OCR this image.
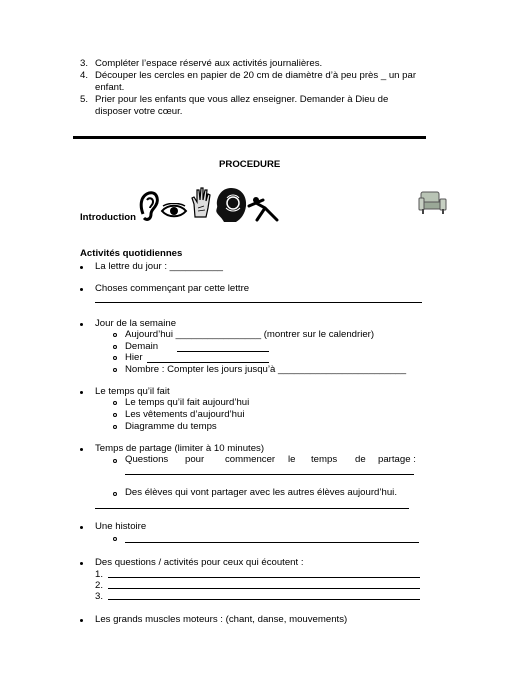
3. Compléter l’espace réservé aux activités journalières.
4. Découper les cercles en papier de 20 cm de diamètre d’à peu près _ un par
enfant.
5. Prier pour les enfants que vous allez enseigner. Demander à Dieu de
disposer votre cœur.
PROCEDURE
Introduction
Activités quotidiennes
La lettre du jour : __________
Choses commençant par cette lettre
Jour de la semaine
Aujourd’hui ________________ (montrer sur le calendrier)
Demain
Hier
Nombre : Compter les jours jusqu’à ________________________
Le temps qu’il fait
Le temps qu’il fait aujourd’hui
Les vêtements d’aujourd’hui
Diagramme du temps
Temps de partage (limiter à 10 minutes)
Questions pour commencer le temps de partage :
Des élèves qui vont partager avec les autres élèves aujourd’hui.
Une histoire
Des questions / activités pour ceux qui écoutent :
1.
2.
3.
Les grands muscles moteurs : (chant, danse, mouvements)
